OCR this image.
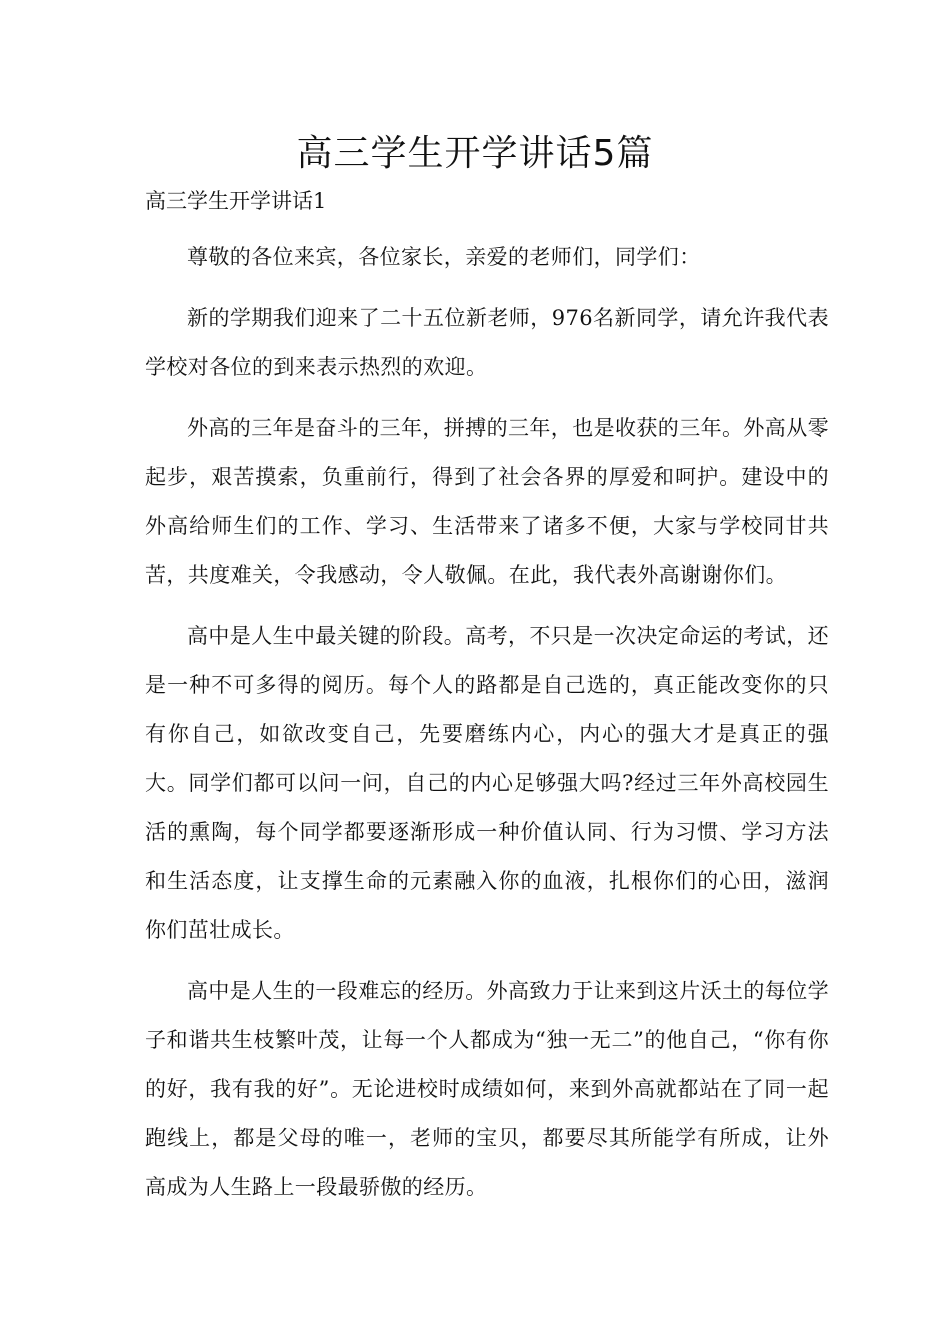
高三学生开学讲话5篇

高三学生开学讲话1

尊敬的各位来宾，各位家长，亲爱的老师们，同学们：

新的学期我们迎来了二十五位新老师，976名新同学，请允许我代表学校对各位的到来表示热烈的欢迎。

外高的三年是奋斗的三年，拼搏的三年，也是收获的三年。外高从零起步，艰苦摸索，负重前行，得到了社会各界的厚爱和呵护。建设中的外高给师生们的工作、学习、生活带来了诸多不便，大家与学校同甘共苦，共度难关，令我感动，令人敬佩。在此，我代表外高谢谢你们。

高中是人生中最关键的阶段。高考，不只是一次决定命运的考试，还是一种不可多得的阅历。每个人的路都是自己选的，真正能改变你的只有你自己，如欲改变自己，先要磨练内心，内心的强大才是真正的强大。同学们都可以问一问，自己的内心足够强大吗?经过三年外高校园生活的熏陶，每个同学都要逐渐形成一种价值认同、行为习惯、学习方法和生活态度，让支撑生命的元素融入你的血液，扎根你们的心田，滋润你们茁壮成长。

高中是人生的一段难忘的经历。外高致力于让来到这片沃土的每位学子和谐共生枝繁叶茂，让每一个人都成为“独一无二”的他自己，“你有你的好，我有我的好”。无论进校时成绩如何，来到外高就都站在了同一起跑线上，都是父母的唯一，老师的宝贝，都要尽其所能学有所成，让外高成为人生路上一段最骄傲的经历。
